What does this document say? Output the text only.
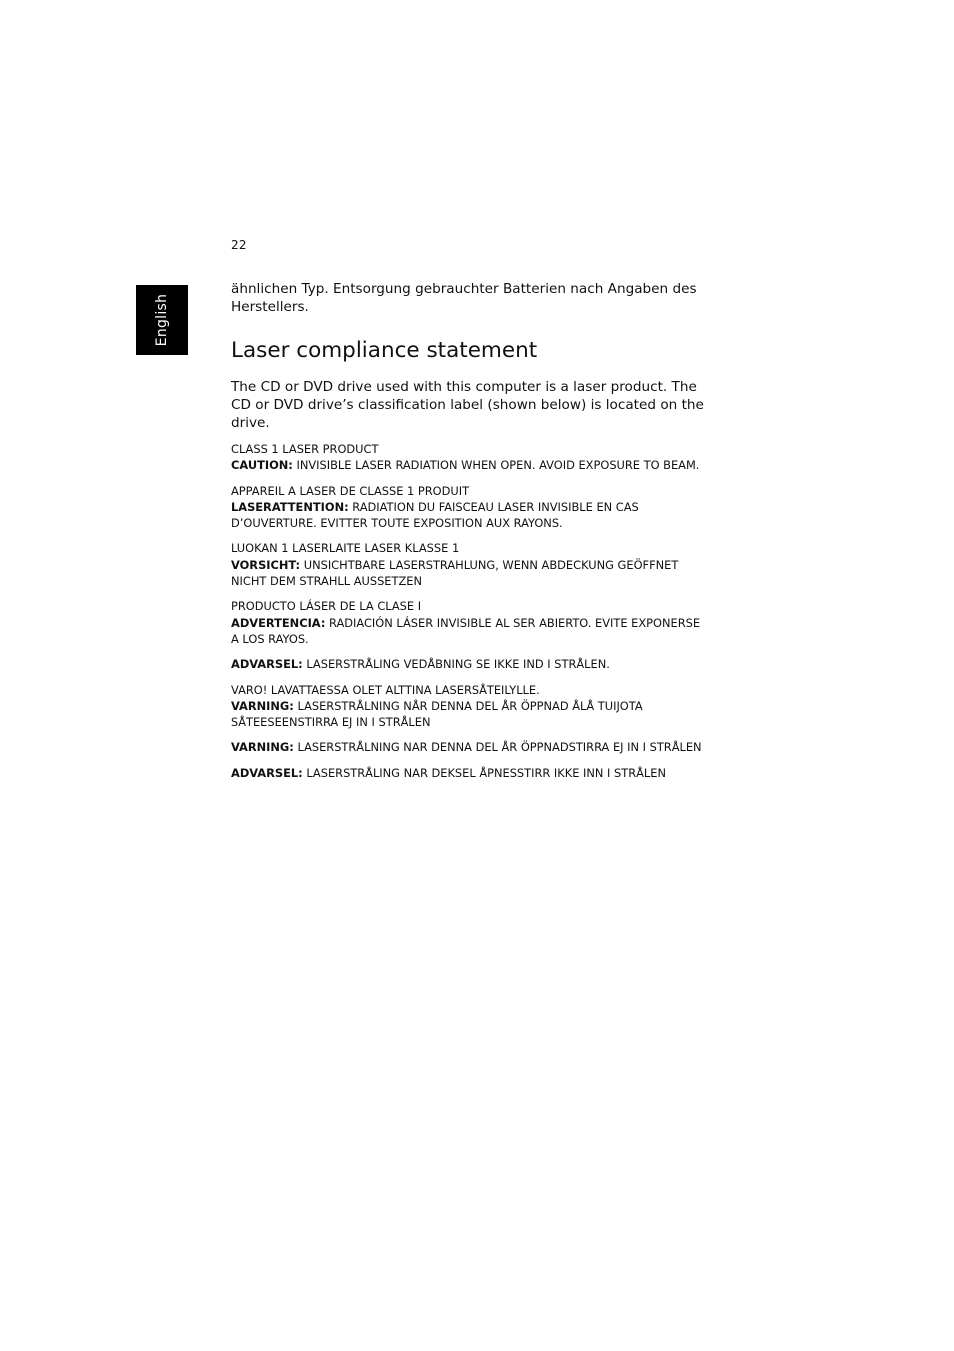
22
English

ähnlichen Typ. Entsorgung gebrauchter Batterien nach Angaben des Herstellers.

Laser compliance statement

The CD or DVD drive used with this computer is a laser product. The CD or DVD drive’s classification label (shown below) is located on the drive.

CLASS 1 LASER PRODUCT
CAUTION: INVISIBLE LASER RADIATION WHEN OPEN. AVOID EXPOSURE TO BEAM.
APPAREIL A LASER DE CLASSE 1 PRODUIT
LASERATTENTION: RADIATION DU FAISCEAU LASER INVISIBLE EN CAS D’OUVERTURE. EVITTER TOUTE EXPOSITION AUX RAYONS.
LUOKAN 1 LASERLAITE LASER KLASSE 1
VORSICHT: UNSICHTBARE LASERSTRAHLUNG, WENN ABDECKUNG GEÖFFNET NICHT DEM STRAHLL AUSSETZEN
PRODUCTO LÁSER DE LA CLASE I
ADVERTENCIA: RADIACIÓN LÁSER INVISIBLE AL SER ABIERTO. EVITE EXPONERSE A LOS RAYOS.
ADVARSEL: LASERSTRÅLING VEDÅBNING SE IKKE IND I STRÅLEN.
VARO! LAVATTAESSA OLET ALTTINA LASERSÅTEILYLLE.
VARNING: LASERSTRÅLNING NÅR DENNA DEL ÅR ÖPPNAD ÅLÅ TUIJOTA SÅTEESEENSTIRRA EJ IN I STRÅLEN
VARNING: LASERSTRÅLNING NAR DENNA DEL ÅR ÖPPNADSTIRRA EJ IN I STRÅLEN
ADVARSEL: LASERSTRÅLING NAR DEKSEL ÅPNESSTIRR IKKE INN I STRÅLEN
